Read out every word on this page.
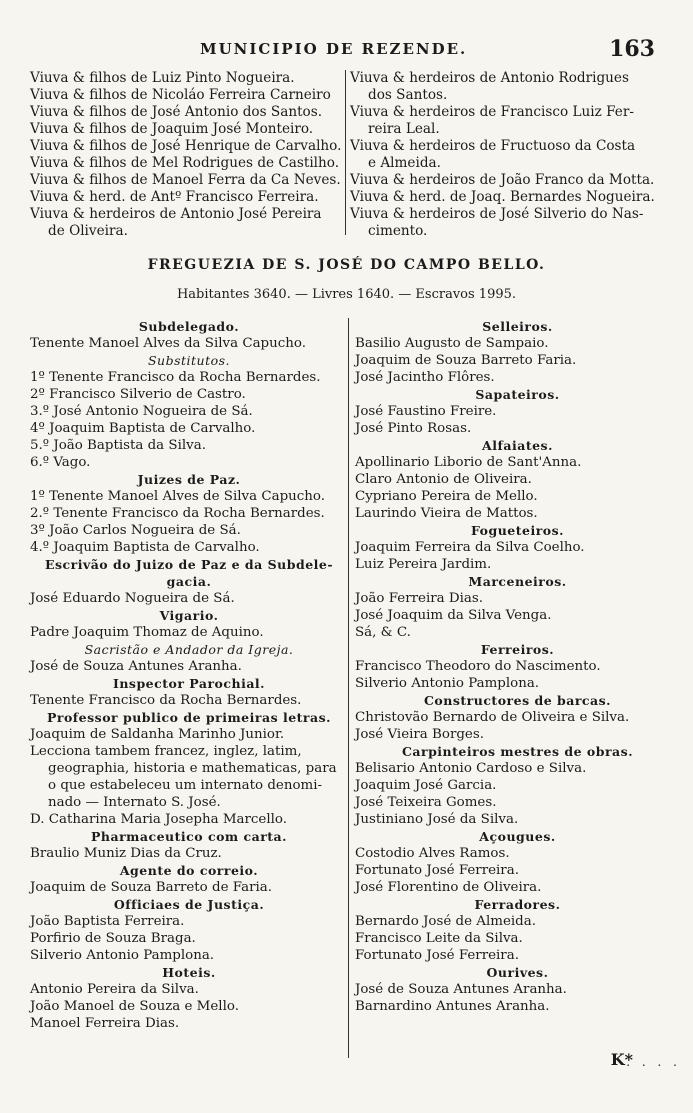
MUNICIPIO DE REZENDE.	163
Viuva & filhos de Luiz Pinto Nogueira.
Viuva & filhos de Nicoláo Ferreira Carneiro
Viuva & filhos de José Antonio dos Santos.
Viuva & filhos de Joaquim José Monteiro.
Viuva & filhos de José Henrique de Carvalho.
Viuva & filhos de Mel Rodrigues de Castilho.
Viuva & filhos de Manoel Ferra da Ca Neves.
Viuva & herd. de Antº Francisco Ferreira.
Viuva & herdeiros de Antonio José Pereira
de Oliveira.
Viuva & herdeiros de Antonio Rodrigues
dos Santos.
Viuva & herdeiros de Francisco Luiz Fer-
reira Leal.
Viuva & herdeiros de Fructuoso da Costa
e Almeida.
Viuva & herdeiros de João Franco da Motta.
Viuva & herd. de Joaq. Bernardes Nogueira.
Viuva & herdeiros de José Silverio do Nas-
cimento.
FREGUEZIA DE S. JOSÉ DO CAMPO BELLO.
Habitantes 3640. — Livres 1640. — Escravos 1995.
Subdelegado.
Tenente Manoel Alves da Silva Capucho.
Substitutos.
1º Tenente Francisco da Rocha Bernardes.
2º Francisco Silverio de Castro.
3.º José Antonio Nogueira de Sá.
4º Joaquim Baptista de Carvalho.
5.º João Baptista da Silva.
6.º Vago.
Juizes de Paz.
1º Tenente Manoel Alves de Silva Capucho.
2.º Tenente Francisco da Rocha Bernardes.
3º João Carlos Nogueira de Sá.
4.º Joaquim Baptista de Carvalho.
Escrivão do Juizo de Paz e da Subdele-
gacia.
José Eduardo Nogueira de Sá.
Vigario.
Padre Joaquim Thomaz de Aquino.
Sacristão e Andador da Igreja.
José de Souza Antunes Aranha.
Inspector Parochial.
Tenente Francisco da Rocha Bernardes.
Professor publico de primeiras letras.
Joaquim de Saldanha Marinho Junior.
Lecciona tambem francez, inglez, latim,
geographia, historia e mathematicas, para
o que estabeleceu um internato denomi-
nado — Internato S. José.
D. Catharina Maria Josepha Marcello.
Pharmaceutico com carta.
Braulio Muniz Dias da Cruz.
Agente do correio.
Joaquim de Souza Barreto de Faria.
Officiaes de Justiça.
João Baptista Ferreira.
Porfirio de Souza Braga.
Silverio Antonio Pamplona.
Hoteis.
Antonio Pereira da Silva.
João Manoel de Souza e Mello.
Manoel Ferreira Dias.
Selleiros.
Basilio Augusto de Sampaio.
Joaquim de Souza Barreto Faria.
José Jacintho Flôres.
Sapateiros.
José Faustino Freire.
José Pinto Rosas.
Alfaiates.
Apollinario Liborio de Sant'Anna.
Claro Antonio de Oliveira.
Cypriano Pereira de Mello.
Laurindo Vieira de Mattos.
Fogueteiros.
Joaquim Ferreira da Silva Coelho.
Luiz Pereira Jardim.
Marceneiros.
João Ferreira Dias.
José Joaquim da Silva Venga.
Sá, & C.
Ferreiros.
Francisco Theodoro do Nascimento.
Silverio Antonio Pamplona.
Constructores de barcas.
Christovão Bernardo de Oliveira e Silva.
José Vieira Borges.
Carpinteiros mestres de obras.
Belisario Antonio Cardoso e Silva.
Joaquim José Garcia.
José Teixeira Gomes.
Justiniano José da Silva.
Açougues.
Costodio Alves Ramos.
Fortunato José Ferreira.
José Florentino de Oliveira.
Ferradores.
Bernardo José de Almeida.
Francisco Leite da Silva.
Fortunato José Ferreira.
Ourives.
José de Souza Antunes Aranha.
Barnardino Antunes Aranha.
K*
. . . .
